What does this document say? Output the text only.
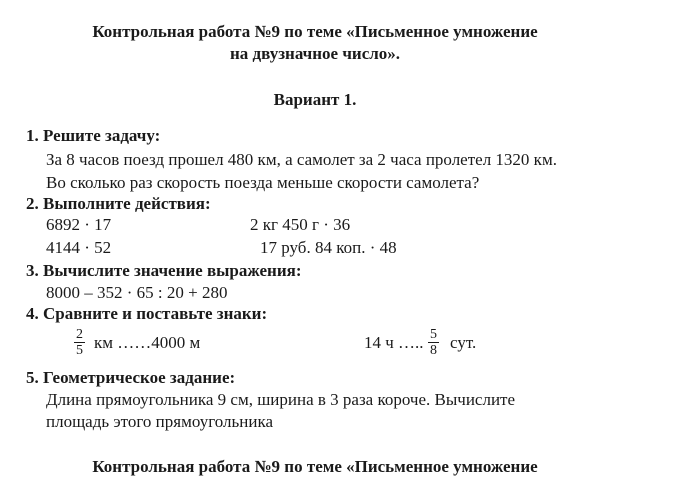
Контрольная работа №9 по теме «Письменное умножение
на двузначное число».
Вариант 1.
1. Решите задачу:
За 8 часов поезд прошел 480 км, а самолет за 2 часа пролетел 1320 км.
Во сколько раз скорость поезда меньше скорости самолета?
2. Выполните действия:
6892 · 17	2 кг 450 г · 36
4144 · 52	17 руб. 84 коп. · 48
3. Вычислите значение выражения:
8000 – 352 · 65 : 20 + 280
4. Сравните и поставьте знаки:
$\frac{2}{5}$ км ……4000 м	14 ч ….. $\frac{5}{8}$ сут.
5. Геометрическое задание:
Длина прямоугольника 9 см, ширина в 3 раза короче. Вычислите
площадь этого прямоугольника
Контрольная работа №9 по теме «Письменное умножение
